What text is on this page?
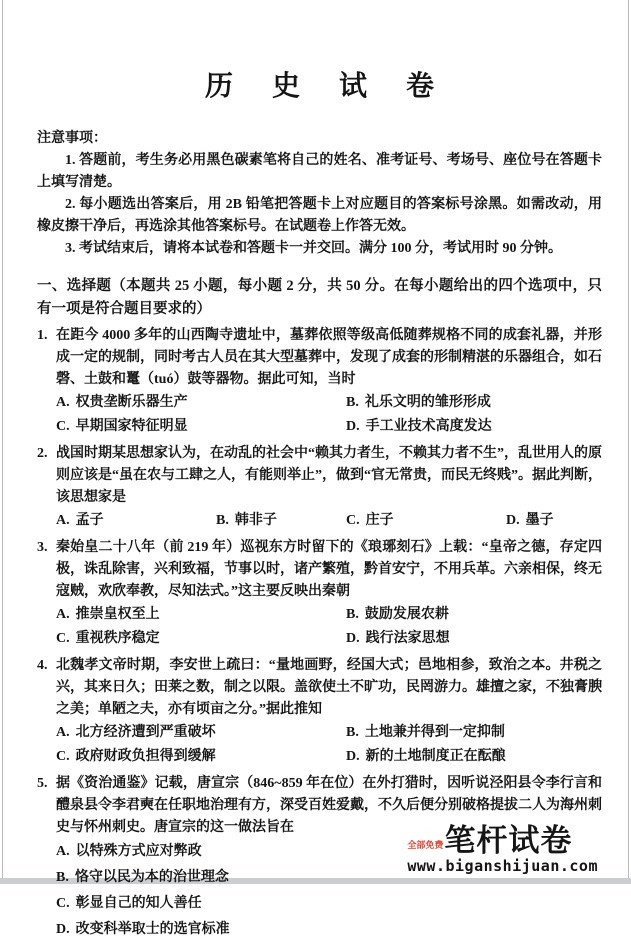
历 史 试 卷
注意事项：

1. 答题前，考生务必用黑色碳素笔将自己的姓名、准考证号、考场号、座位号在答题卡上填写清楚。

2. 每小题选出答案后，用 2B 铅笔把答题卡上对应题目的答案标号涂黑。如需改动，用橡皮擦干净后，再选涂其他答案标号。在试题卷上作答无效。

3. 考试结束后，请将本试卷和答题卡一并交回。满分 100 分，考试用时 90 分钟。

一、选择题（本题共 25 小题，每小题 2 分，共 50 分。在每小题给出的四个选项中，只有一项是符合题目要求的）
1. 在距今 4000 多年的山西陶寺遗址中，墓葬依照等级高低随葬规格不同的成套礼器，并形成一定的规制，同时考古人员在其大型墓葬中，发现了成套的形制精湛的乐器组合，如石磬、土鼓和鼍（tuó）鼓等器物。据此可知，当时
A. 权贵垄断乐器生产	B. 礼乐文明的雏形形成
C. 早期国家特征明显	D. 手工业技术高度发达
2. 战国时期某思想家认为，在动乱的社会中“赖其力者生，不赖其力者不生”，乱世用人的原则应该是“虽在农与工肆之人，有能则举止”，做到“官无常贵，而民无终贱”。据此判断，该思想家是
A. 孟子	B. 韩非子	C. 庄子	D. 墨子
3. 秦始皇二十八年（前 219 年）巡视东方时留下的《琅琊刻石》上载：“皇帝之德，存定四极，诛乱除害，兴利致福，节事以时，诸产繁殖，黔首安宁，不用兵革。六亲相保，终无寇贼，欢欣奉教，尽知法式。”这主要反映出秦朝
A. 推崇皇权至上	B. 鼓励发展农耕
C. 重视秩序稳定	D. 践行法家思想
4. 北魏孝文帝时期，李安世上疏曰：“量地画野，经国大式；邑地相参，致治之本。井税之兴，其来日久；田莱之数，制之以限。盖欲使土不旷功，民罔游力。雄擅之家，不独膏腴之美；单陋之夫，亦有顷亩之分。”据此推知
A. 北方经济遭到严重破坏	B. 土地兼并得到一定抑制
C. 政府财政负担得到缓解	D. 新的土地制度正在酝酿
5. 据《资治通鉴》记载，唐宣宗（846~859 年在位）在外打猎时，因听说泾阳县令李行言和醴泉县令李君奭在任职地治理有方，深受百姓爱戴，不久后便分别破格提拔二人为海州刺史与怀州刺史。唐宣宗的这一做法旨在
A. 以特殊方式应对弊政
B. 恪守以民为本的治世理念
C. 彰显自己的知人善任
D. 改变科举取士的选官标准
全部免费 笔杆试卷
www.biganshijuan.com
